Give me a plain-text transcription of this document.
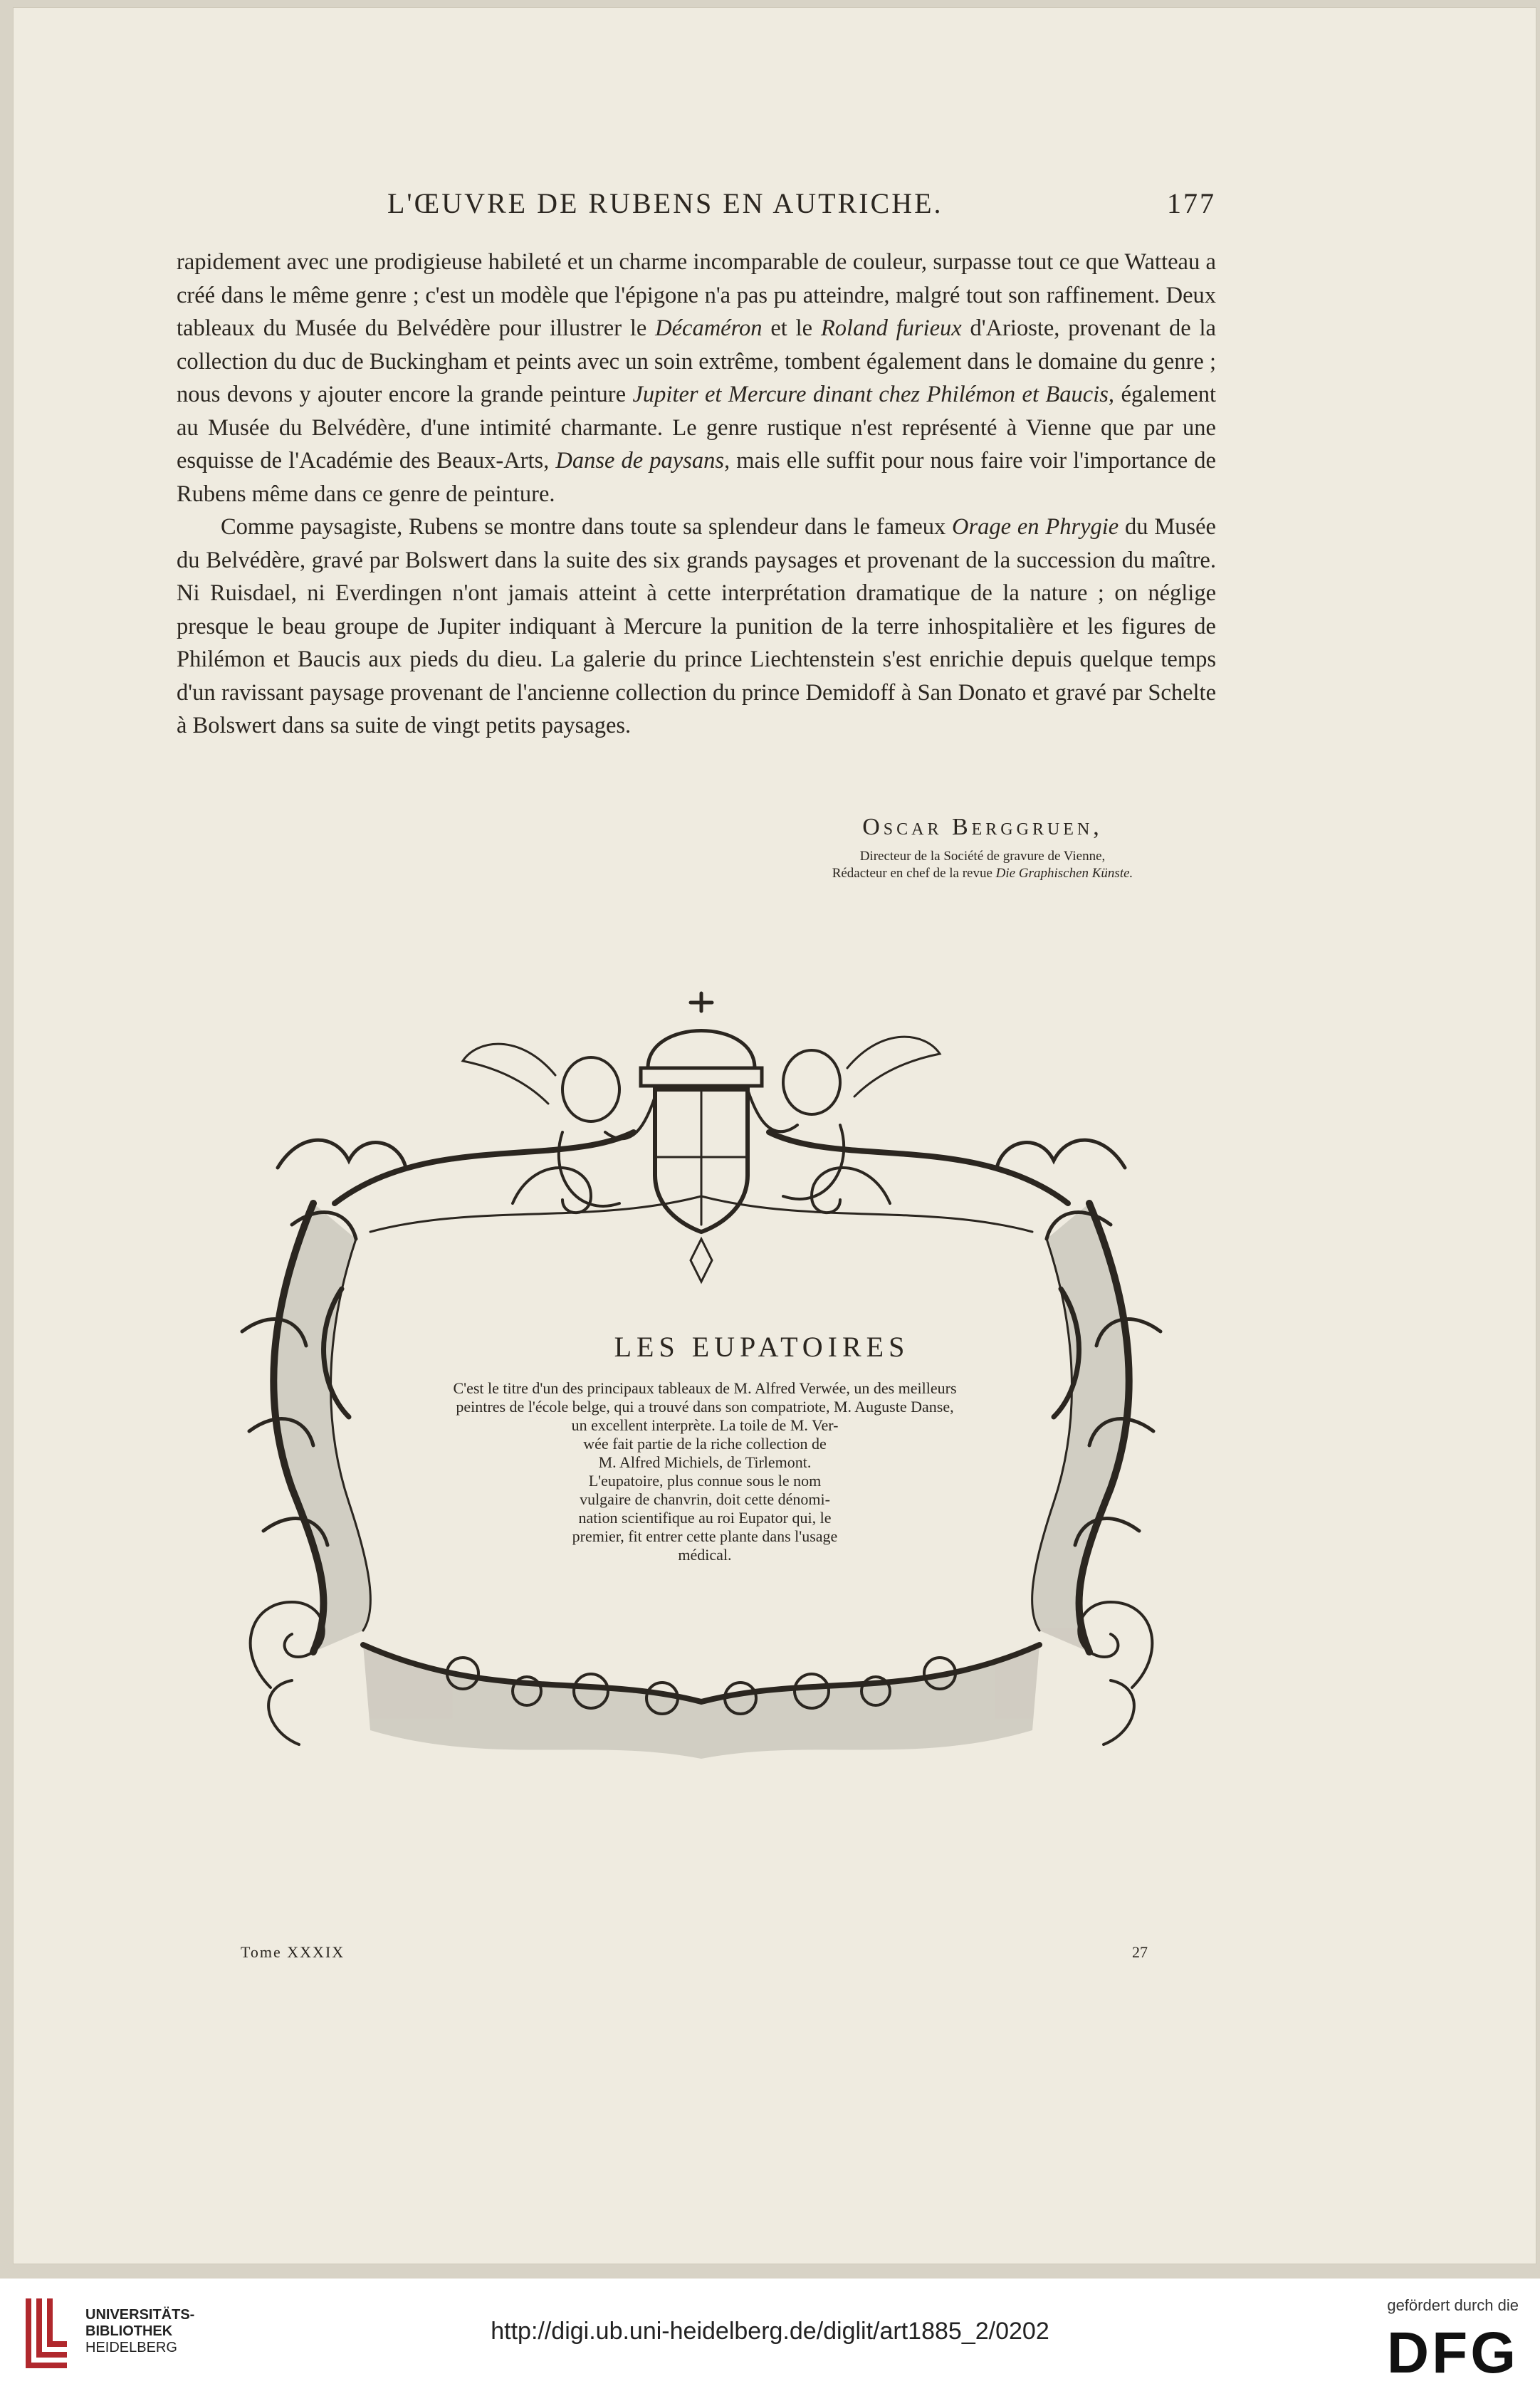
L'ŒUVRE DE RUBENS EN AUTRICHE.	177

rapidement avec une prodigieuse habileté et un charme incomparable de couleur, surpasse tout ce que Watteau a créé dans le même genre ; c'est un modèle que l'épigone n'a pas pu atteindre, malgré tout son raffinement. Deux tableaux du Musée du Belvédère pour illustrer le Décaméron et le Roland furieux d'Arioste, provenant de la collection du duc de Buckingham et peints avec un soin extrême, tombent également dans le domaine du genre ; nous devons y ajouter encore la grande peinture Jupiter et Mercure dinant chez Philémon et Baucis, également au Musée du Belvédère, d'une intimité charmante. Le genre rustique n'est représenté à Vienne que par une esquisse de l'Académie des Beaux-Arts, Danse de paysans, mais elle suffit pour nous faire voir l'importance de Rubens même dans ce genre de peinture.

Comme paysagiste, Rubens se montre dans toute sa splendeur dans le fameux Orage en Phrygie du Musée du Belvédère, gravé par Bolswert dans la suite des six grands paysages et provenant de la succession du maître. Ni Ruisdael, ni Everdingen n'ont jamais atteint à cette interprétation dramatique de la nature ; on néglige presque le beau groupe de Jupiter indiquant à Mercure la punition de la terre inhospitalière et les figures de Philémon et Baucis aux pieds du dieu. La galerie du prince Liechtenstein s'est enrichie depuis quelque temps d'un ravissant paysage provenant de l'ancienne collection du prince Demidoff à San Donato et gravé par Schelte à Bolswert dans sa suite de vingt petits paysages.

Oscar Berggruen,
Directeur de la Société de gravure de Vienne,
Rédacteur en chef de la revue Die Graphischen Künste.
LES EUPATOIRES
C'est le titre d'un des principaux tableaux de M. Alfred Verwée, un des meilleurs
peintres de l'école belge, qui a trouvé dans son compatriote, M. Auguste Danse,
un excellent interprète. La toile de M. Ver-
wée fait partie de la riche collection de
M. Alfred Michiels, de Tirlemont.
L'eupatoire, plus connue sous le nom
vulgaire de chanvrin, doit cette dénomi-
nation scientifique au roi Eupator qui, le
premier, fit entrer cette plante dans l'usage
médical.
Tome XXXIX	27
UNIVERSITÄTS-
BIBLIOTHEK
HEIDELBERG
http://digi.ub.uni-heidelberg.de/diglit/art1885_2/0202
gefördert durch die
DFG
